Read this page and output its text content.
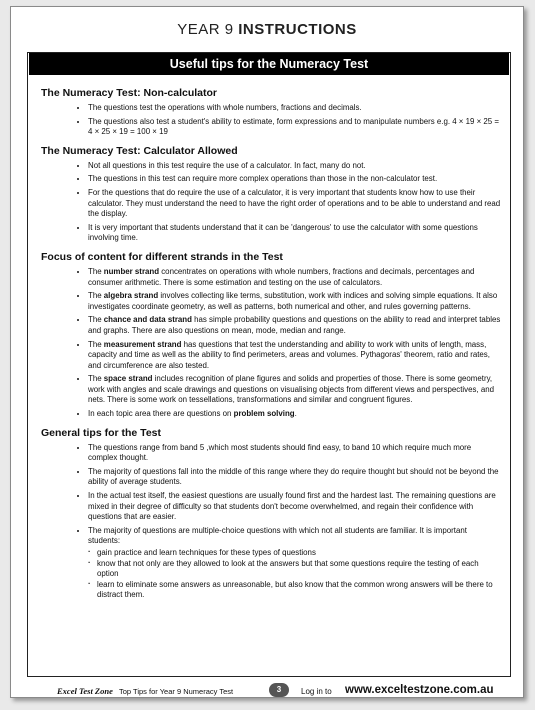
YEAR 9 INSTRUCTIONS
Useful tips for the Numeracy Test
The Numeracy Test: Non-calculator
• The questions test the operations with whole numbers, fractions and decimals.
• The questions also test a student's ability to estimate, form expressions and to manipulate numbers e.g. 4 × 19 × 25 = 4 × 25 × 19 = 100 × 19
The Numeracy Test: Calculator Allowed
• Not all questions in this test require the use of a calculator. In fact, many do not.
• The questions in this test can require more complex operations than those in the non-calculator test.
• For the questions that do require the use of a calculator, it is very important that students know how to use their calculator. They must understand the need to have the right order of operations and to be able to understand and read the display.
• It is very important that students understand that it can be 'dangerous' to use the calculator with some questions involving time.
Focus of content for different strands in the Test
• The number strand concentrates on operations with whole numbers, fractions and decimals, percentages and consumer arithmetic. There is some estimation and testing on the use of calculators.
• The algebra strand involves collecting like terms, substitution, work with indices and solving simple equations. It also investigates coordinate geometry, as well as patterns, both numerical and other, and rules governing patterns.
• The chance and data strand has simple probability questions and questions on the ability to read and interpret tables and graphs. There are also questions on mean, mode, median and range.
• The measurement strand has questions that test the understanding and ability to work with units of length, mass, capacity and time as well as the ability to find perimeters, areas and volumes. Pythagoras' theorem, ratio and rates, and circumference are also tested.
• The space strand includes recognition of plane figures and solids and properties of those. There is some geometry, work with angles and scale drawings and questions on visualising objects from different views and perspectives, and nets. There is some work on tessellations, transformations and similar and congruent figures.
• In each topic area there are questions on problem solving.
General tips for the Test
• The questions range from band 5 ,which most students should find easy, to band 10 which require much more complex thought.
• The majority of questions fall into the middle of this range where they do require thought but should not be beyond the ability of average students.
• In the actual test itself, the easiest questions are usually found first and the hardest last. The remaining questions are mixed in their degree of difficulty so that students don't become overwhelmed, and regain their confidence with questions that are easier.
• The majority of questions are multiple-choice questions with which not all students are familiar. It is important students:
· gain practice and learn techniques for these types of questions
· know that not only are they allowed to look at the answers but that some questions require the testing of each option
· learn to eliminate some answers as unreasonable, but also know that the common wrong answers will be there to distract them.
Excel Test Zone Top Tips for Year 9 Numeracy Test	3	Log in to www.exceltestzone.com.au
